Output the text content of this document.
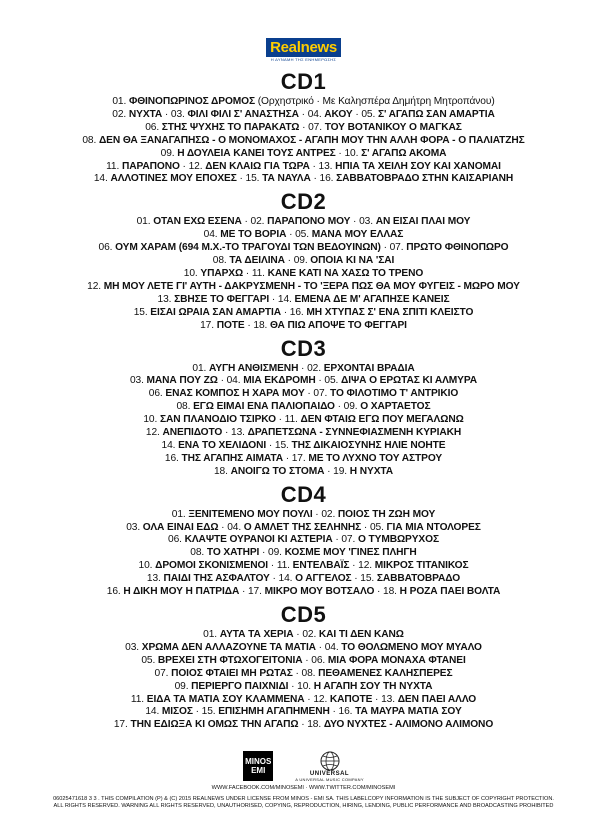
Realnews
Η ΔΥΝΑΜΗ ΤΗΣ ΕΝΗΜΕΡΩΣΗΣ
CD1
01. ΦΘΙΝΟΠΩΡΙΝΟΣ ΔΡΟΜΟΣ (Ορχηστρικό · Με Καλησπέρα Δημήτρη Μητροπάνου)
02. ΝΥΧΤΑ · 03. ΦΙΛΙ ΦΙΛΙ Σ' ΑΝΑΣΤΗΣΑ · 04. ΑΚΟΥ · 05. Σ' ΑΓΑΠΩ ΣΑΝ ΑΜΑΡΤΙΑ
06. ΣΤΗΣ ΨΥΧΗΣ ΤΟ ΠΑΡΑΚΑΤΩ · 07. ΤΟΥ ΒΟΤΑΝΙΚΟΥ Ο ΜΑΓΚΑΣ
08. ΔΕΝ ΘΑ ΞΑΝΑΓΑΠΗΣΩ - Ο ΜΟΝΟΜΑΧΟΣ - ΑΓΑΠΗ ΜΟΥ ΤΗΝ ΑΛΛΗ ΦΟΡΑ - Ο ΠΑΛΙΑΤΖΗΣ
09. Η ΔΟΥΛΕΙΑ ΚΑΝΕΙ ΤΟΥΣ ΑΝΤΡΕΣ · 10. Σ' ΑΓΑΠΩ ΑΚΟΜΑ
11. ΠΑΡΑΠΟΝΟ · 12. ΔΕΝ ΚΛΑΙΩ ΓΙΑ ΤΩΡΑ · 13. ΗΠΙΑ ΤΑ ΧΕΙΛΗ ΣΟΥ ΚΑΙ ΧΑΝΟΜΑΙ
14. ΑΛΛΟΤΙΝΕΣ ΜΟΥ ΕΠΟΧΕΣ · 15. ΤΑ ΝΑΥΛΑ · 16. ΣΑΒΒΑΤΟΒΡΑΔΟ ΣΤΗΝ ΚΑΙΣΑΡΙΑΝΗ
CD2
01. ΟΤΑΝ ΕΧΩ ΕΣΕΝΑ · 02. ΠΑΡΑΠΟΝΟ ΜΟΥ · 03. ΑΝ ΕΙΣΑΙ ΠΛΑΙ ΜΟΥ
04. ΜΕ ΤΟ ΒΟΡΙΑ · 05. ΜΑΝΑ ΜΟΥ ΕΛΛΑΣ
06. ΟΥΜ ΧΑΡΑΜ (694 Μ.Χ.-ΤΟ ΤΡΑΓΟΥΔΙ ΤΩΝ ΒΕΔΟΥΙΝΩΝ) · 07. ΠΡΩΤΟ ΦΘΙΝΟΠΩΡΟ
08. ΤΑ ΔΕΙΛΙΝΑ · 09. ΟΠΟΙΑ ΚΙ ΝΑ 'ΣΑΙ
10. ΥΠΑΡΧΩ · 11. ΚΑΝΕ ΚΑΤΙ ΝΑ ΧΑΣΩ ΤΟ ΤΡΕΝΟ
12. ΜΗ ΜΟΥ ΛΕΤΕ ΓΙ' ΑΥΤΗ - ΔΑΚΡΥΣΜΕΝΗ - ΤΟ 'ΞΕΡΑ ΠΩΣ ΘΑ ΜΟΥ ΦΥΓΕΙΣ - ΜΩΡΟ ΜΟΥ
13. ΣΒΗΣΕ ΤΟ ΦΕΓΓΑΡΙ · 14. ΕΜΕΝΑ ΔΕ Μ' ΑΓΑΠΗΣΕ ΚΑΝΕΙΣ
15. ΕΙΣΑΙ ΩΡΑΙΑ ΣΑΝ ΑΜΑΡΤΙΑ · 16. ΜΗ ΧΤΥΠΑΣ Σ' ΕΝΑ ΣΠΙΤΙ ΚΛΕΙΣΤΟ
17. ΠΟΤΕ · 18. ΘΑ ΠΙΩ ΑΠΟΨΕ ΤΟ ΦΕΓΓΑΡΙ
CD3
01. ΑΥΓΗ ΑΝΘΙΣΜΕΝΗ · 02. ΕΡΧΟΝΤΑΙ ΒΡΑΔΙΑ
03. ΜΑΝΑ ΠΟΥ ΖΩ · 04. ΜΙΑ ΕΚΔΡΟΜΗ · 05. ΔΙΨΑ Ο ΕΡΩΤΑΣ ΚΙ ΑΛΜΥΡΑ
06. ΕΝΑΣ ΚΟΜΠΟΣ Η ΧΑΡΑ ΜΟΥ · 07. ΤΟ ΦΙΛΟΤΙΜΟ Τ' ΑΝΤΡΙΚΙΟ
08. ΕΓΩ ΕΙΜΑΙ ΕΝΑ ΠΑΛΙΟΠΑΙΔΟ · 09. Ο ΧΑΡΤΑΕΤΟΣ
10. ΣΑΝ ΠΛΑΝΟΔΙΟ ΤΣΙΡΚΟ · 11. ΔΕΝ ΦΤΑΙΩ ΕΓΩ ΠΟΥ ΜΕΓΑΛΩΝΩ
12. ΑΝΕΠΙΔΟΤΟ · 13. ΔΡΑΠΕΤΣΩΝΑ - ΣΥΝΝΕΦΙΑΣΜΕΝΗ ΚΥΡΙΑΚΗ
14. ΕΝΑ ΤΟ ΧΕΛΙΔΟΝΙ · 15. ΤΗΣ ΔΙΚΑΙΟΣΥΝΗΣ ΗΛΙΕ ΝΟΗΤΕ
16. ΤΗΣ ΑΓΑΠΗΣ ΑΙΜΑΤΑ · 17. ΜΕ ΤΟ ΛΥΧΝΟ ΤΟΥ ΑΣΤΡΟΥ
18. ΑΝΟΙΓΩ ΤΟ ΣΤΟΜΑ · 19. Η ΝΥΧΤΑ
CD4
01. ΞΕΝΙΤΕΜΕΝΟ ΜΟΥ ΠΟΥΛΙ · 02. ΠΟΙΟΣ ΤΗ ΖΩΗ ΜΟΥ
03. ΟΛΑ ΕΙΝΑΙ ΕΔΩ · 04. Ο ΑΜΛΕΤ ΤΗΣ ΣΕΛΗΝΗΣ · 05. ΓΙΑ ΜΙΑ ΝΤΟΛΟΡΕΣ
06. ΚΛΑΨΤΕ ΟΥΡΑΝΟΙ ΚΙ ΑΣΤΕΡΙΑ · 07. Ο ΤΥΜΒΩΡΥΧΟΣ
08. ΤΟ ΧΑΤΗΡΙ · 09. ΚΟΣΜΕ ΜΟΥ 'ΓΙΝΕΣ ΠΛΗΓΗ
10. ΔΡΟΜΟΙ ΣΚΟΝΙΣΜΕΝΟΙ · 11. ΕΝΤΕΛΒΑΪΣ · 12. ΜΙΚΡΟΣ ΤΙΤΑΝΙΚΟΣ
13. ΠΑΙΔΙ ΤΗΣ ΑΣΦΑΛΤΟΥ · 14. Ο ΑΓΓΕΛΟΣ · 15. ΣΑΒΒΑΤΟΒΡΑΔΟ
16. Η ΔΙΚΗ ΜΟΥ Η ΠΑΤΡΙΔΑ · 17. ΜΙΚΡΟ ΜΟΥ ΒΟΤΣΑΛΟ · 18. Η ΡΟΖΑ ΠΑΕΙ ΒΟΛΤΑ
CD5
01. ΑΥΤΑ ΤΑ ΧΕΡΙΑ · 02. ΚΑΙ ΤΙ ΔΕΝ ΚΑΝΩ
03. ΧΡΩΜΑ ΔΕΝ ΑΛΛΑΖΟΥΝΕ ΤΑ ΜΑΤΙΑ · 04. ΤΟ ΘΟΛΩΜΕΝΟ ΜΟΥ ΜΥΑΛΟ
05. ΒΡΕΧΕΙ ΣΤΗ ΦΤΩΧΟΓΕΙΤΟΝΙΑ · 06. ΜΙΑ ΦΟΡΑ ΜΟΝΑΧΑ ΦΤΑΝΕΙ
07. ΠΟΙΟΣ ΦΤΑΙΕΙ ΜΗ ΡΩΤΑΣ · 08. ΠΕΘΑΜΕΝΕΣ ΚΑΛΗΣΠΕΡΕΣ
09. ΠΕΡΙΕΡΓΟ ΠΑΙΧΝΙΔΙ · 10. Η ΑΓΑΠΗ ΣΟΥ ΤΗ ΝΥΧΤΑ
11. ΕΙΔΑ ΤΑ ΜΑΤΙΑ ΣΟΥ ΚΛΑΜΜΕΝΑ · 12. ΚΑΠΟΤΕ · 13. ΔΕΝ ΠΑΕΙ ΑΛΛΟ
14. ΜΙΣΟΣ · 15. ΕΠΙΣΗΜΗ ΑΓΑΠΗΜΕΝΗ · 16. ΤΑ ΜΑΥΡΑ ΜΑΤΙΑ ΣΟΥ
17. ΤΗΝ ΕΔΙΩΞΑ ΚΙ ΟΜΩΣ ΤΗΝ ΑΓΑΠΩ · 18. ΔΥΟ ΝΥΧΤΕΣ - ΑΛΙΜΟΝΟ ΑΛΙΜΟΝΟ
MINOS
EMI	UNIVERSAL
A UNIVERSAL MUSIC COMPANY
WWW.FACEBOOK.COM/MINOSEMI · WWW.TWITTER.COM/MINOSEMI
06025471618 3 3 . THIS COMPILATION (P) & (C) 2015 REALNEWS UNDER LICENSE FROM MINOS - EMI SA. THIS LABELCOPY INFORMATION IS THE SUBJECT OF COPYRIGHT PROTECTION.
ALL RIGHTS RESERVED. WARNING ALL RIGHTS RESERVED, UNAUTHORISED, COPYING, REPRODUCTION, HIRING, LENDING, PUBLIC PERFORMANCE AND BROADCASTING PROHIBITED
